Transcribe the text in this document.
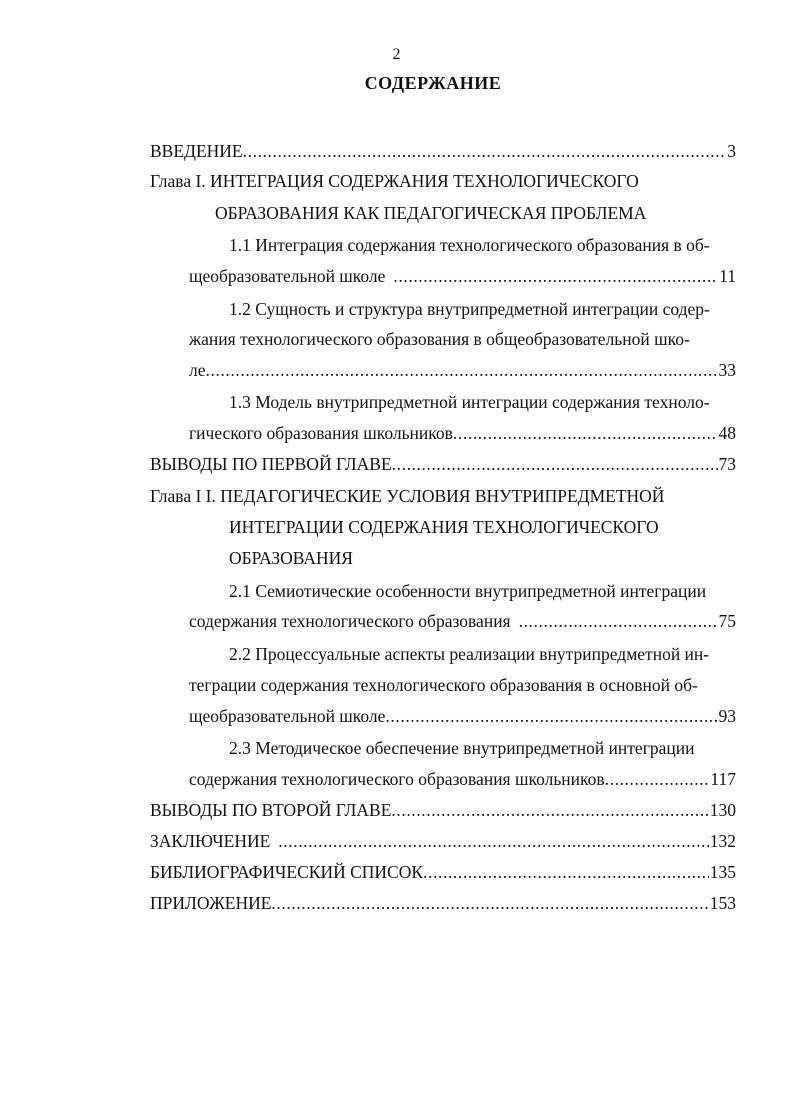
2
СОДЕРЖАНИЕ
ВВЕДЕНИЕ .....	3
Глава I. ИНТЕГРАЦИЯ СОДЕРЖАНИЯ ТЕХНОЛОГИЧЕСКОГО
ОБРАЗОВАНИЯ КАК ПЕДАГОГИЧЕСКАЯ ПРОБЛЕМА
1.1 Интеграция содержания технологического образования в об-
щеобразовательной школе .....	11
1.2 Сущность и структура внутрипредметной интеграции содер-
жания технологического образования в общеобразовательной шко-
ле .....	33
1.3 Модель внутрипредметной интеграции содержания техноло-
гического образования школьников .....	48
ВЫВОДЫ ПО ПЕРВОЙ ГЛАВЕ .....	73
Глава I I. ПЕДАГОГИЧЕСКИЕ УСЛОВИЯ ВНУТРИПРЕДМЕТНОЙ
ИНТЕГРАЦИИ СОДЕРЖАНИЯ ТЕХНОЛОГИЧЕСКОГО
ОБРАЗОВАНИЯ
2.1 Семиотические особенности внутрипредметной интеграции
содержания технологического образования .....	75
2.2 Процессуальные аспекты реализации внутрипредметной ин-
теграции содержания технологического образования в основной об-
щеобразовательной школе .....	93
2.3 Методическое обеспечение внутрипредметной интеграции
содержания технологического образования школьников .....	117
ВЫВОДЫ ПО ВТОРОЙ ГЛАВЕ .....	130
ЗАКЛЮЧЕНИЕ .....	132
БИБЛИОГРАФИЧЕСКИЙ СПИСОК .....	135
ПРИЛОЖЕНИЕ .....	153
